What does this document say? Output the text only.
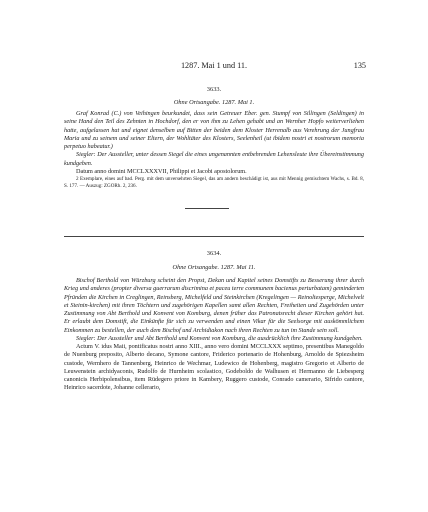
1287. Mai 1 und 11.	135
3633.
Ohne Ortsangabe. 1287. Mai 1.

Graf Konrad (C.) von Veihingen beurkundet, dass sein Getreuer Eber. gen. Stumpf von Sillingen (Seldingen) in seine Hand den Teil des Zehnten in Hochdorf, den er von ihm zu Lehen gehabt und an Wernher Hopfo weiterverliehen hatte, aufgelassen hat und eignet denselben auf Bitten der beiden dem Kloster Herrenalb aus Verehrung der Jungfrau Maria und zu seinem und seiner Eltern, der Wohltäter des Klosters, Seelenheil (ut ibidem nostri et nostrorum memoria perpetuo habeatur.)

Siegler: Der Aussteller, unter dessen Siegel die eines ungenannten entbehrenden Lehensleute ihre Übereinstimmung kundgeben.

Datum anno domini MCCLXXXVII, Philippi et Jacobi apostolorum.

2 Exemplare, eines auf bad. Perg. mit dem unversehrten Siegel, das am andern beschädigt ist, aus mit Mennig gemischtem Wachs, s. Bd. 8, S. 177. — Auszug: ZGORh. 2, 236.

3634.
Ohne Ortsangabe. 1287. Mai 11.

Bischof Berthold von Würzburg scheint den Propst, Dekan und Kapitel seines Domstifts zu Besserung ihrer durch Krieg und anderes (propter diversa guerrarum discrimina et paceu terre communem bacienus perturbatam) geminderten Pfründen die Kirchen in Creglingen, Reinsberg, Michelfeld und Steinkirchen (Kregelingen — Reinoltesperge, Michelvelt et Steinin-kirchen) mit ihren Töchtern und zugehörigen Kapellen samt allen Rechten, Freiheiten und Zugehörden unter Zustimmung von Abt Berthold und Konvent von Komburg, denen früher das Patronatsrecht dieser Kirchen gehört hat. Er erlaubt dem Domstift, die Einkünfte für sich zu verwenden und einen Vikar für die Seelsorge mit auskömmlichem Einkommen zu bestellen, der auch dem Bischof und Archidiakon nach ihren Rechten zu tun im Stande sein soll.

Siegler: Der Aussteller und Abt Berthold und Konvent von Komburg, die ausdrücklich ihre Zustimmung kundgeben.

Actum V. idus Maii, pontificatus nostri anno XIII., anno vero domini MCCLXXX septimo, presentibus Manegoldo de Nuenburg preposito, Alberto decano, Symone cantore, Friderico portenario de Hohenburg, Arnoldo de Spiezsheim custode, Wernhero de Tannenberg, Heinrico de Wechmar, Ludewico de Hohenberg, magistro Gregorio et Alberto de Leuwenstein archidyaconis, Rudolfo de Hurnheim scolastico, Godeboldo de Walhusen et Hermanno de Liebesperg canonicis Herbipolensibus, item Rüdegero priore in Kambery, Ruggero custode, Conrado camerario, Sifrido cantore, Heinrico sacerdote, Johanne cellerario,
